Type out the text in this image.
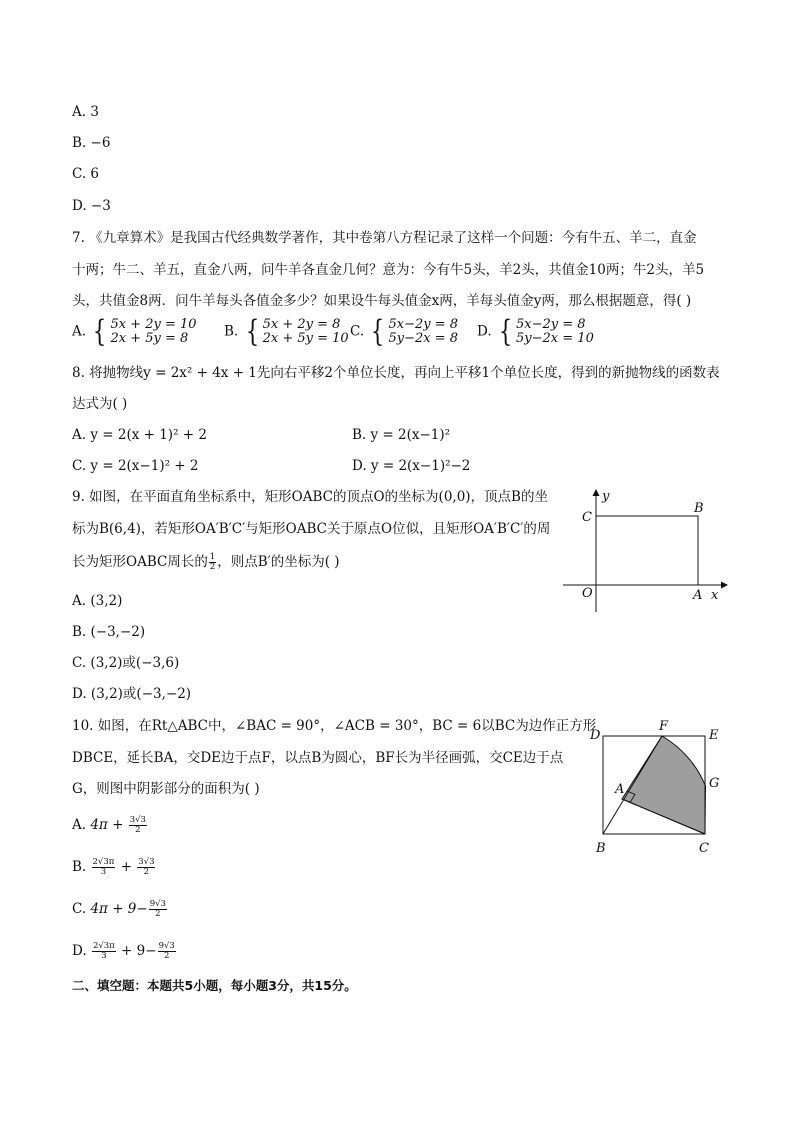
A. 3
B. −6
C. 6
D. −3
7. 《九章算术》是我国古代经典数学著作，其中卷第八方程记录了这样一个问题：今有牛五、羊二，直金
十两；牛二、羊五，直金八两，问牛羊各直金几何？意为：今有牛5头，羊2头，共值金10两；牛2头，羊5
头，共值金8两．问牛羊每头各值金多少？如果设牛每头值金x两，羊每头值金y两，那么根据题意，得( )
A. { 5x + 2y = 10
2x + 5y = 8	B. { 5x + 2y = 8
2x + 5y = 10 C. { 5x−2y = 8
5y−2x = 8 D. { 5x−2y = 8
5y−2x = 10
8. 将抛物线y = 2x² + 4x + 1先向右平移2个单位长度，再向上平移1个单位长度，得到的新抛物线的函数表
达式为( )
A. y = 2(x + 1)² + 2	B. y = 2(x−1)²
C. y = 2(x−1)² + 2	D. y = 2(x−1)²−2
9. 如图，在平面直角坐标系中，矩形OABC的顶点O的坐标为(0,0)，顶点B的坐
标为B(6,4)，若矩形OA′B′C′与矩形OABC关于原点O位似，且矩形OA′B′C′的周
长为矩形OABC周长的 $\frac{1}{2}$ ，则点B′的坐标为( )
A. (3,2)
B. (−3,−2)
C. (3,2)或(−3,6)
D. (3,2)或(−3,−2)
y
x
O	A
B
C
10. 如图，在Rt△ABC中，∠BAC = 90°，∠ACB = 30°，BC = 6以BC为边作正方形
DBCE，延长BA，交DE边于点F，以点B为圆心，BF长为半径画弧，交CE边于点
G，则图中阴影部分的面积为( )
A. $4\pi + \frac{3√3}{2}$
B. $\frac{2√3\pi}{3} + \frac{3√3}{2}$
C. $4\pi + 9- \frac{9√3}{2}$
D. $\frac{2√3\pi}{3} + 9- \frac{9√3}{2}$
D
F
E
G
A
B	C
二、填空题：本题共5小题，每小题3分，共15分。
